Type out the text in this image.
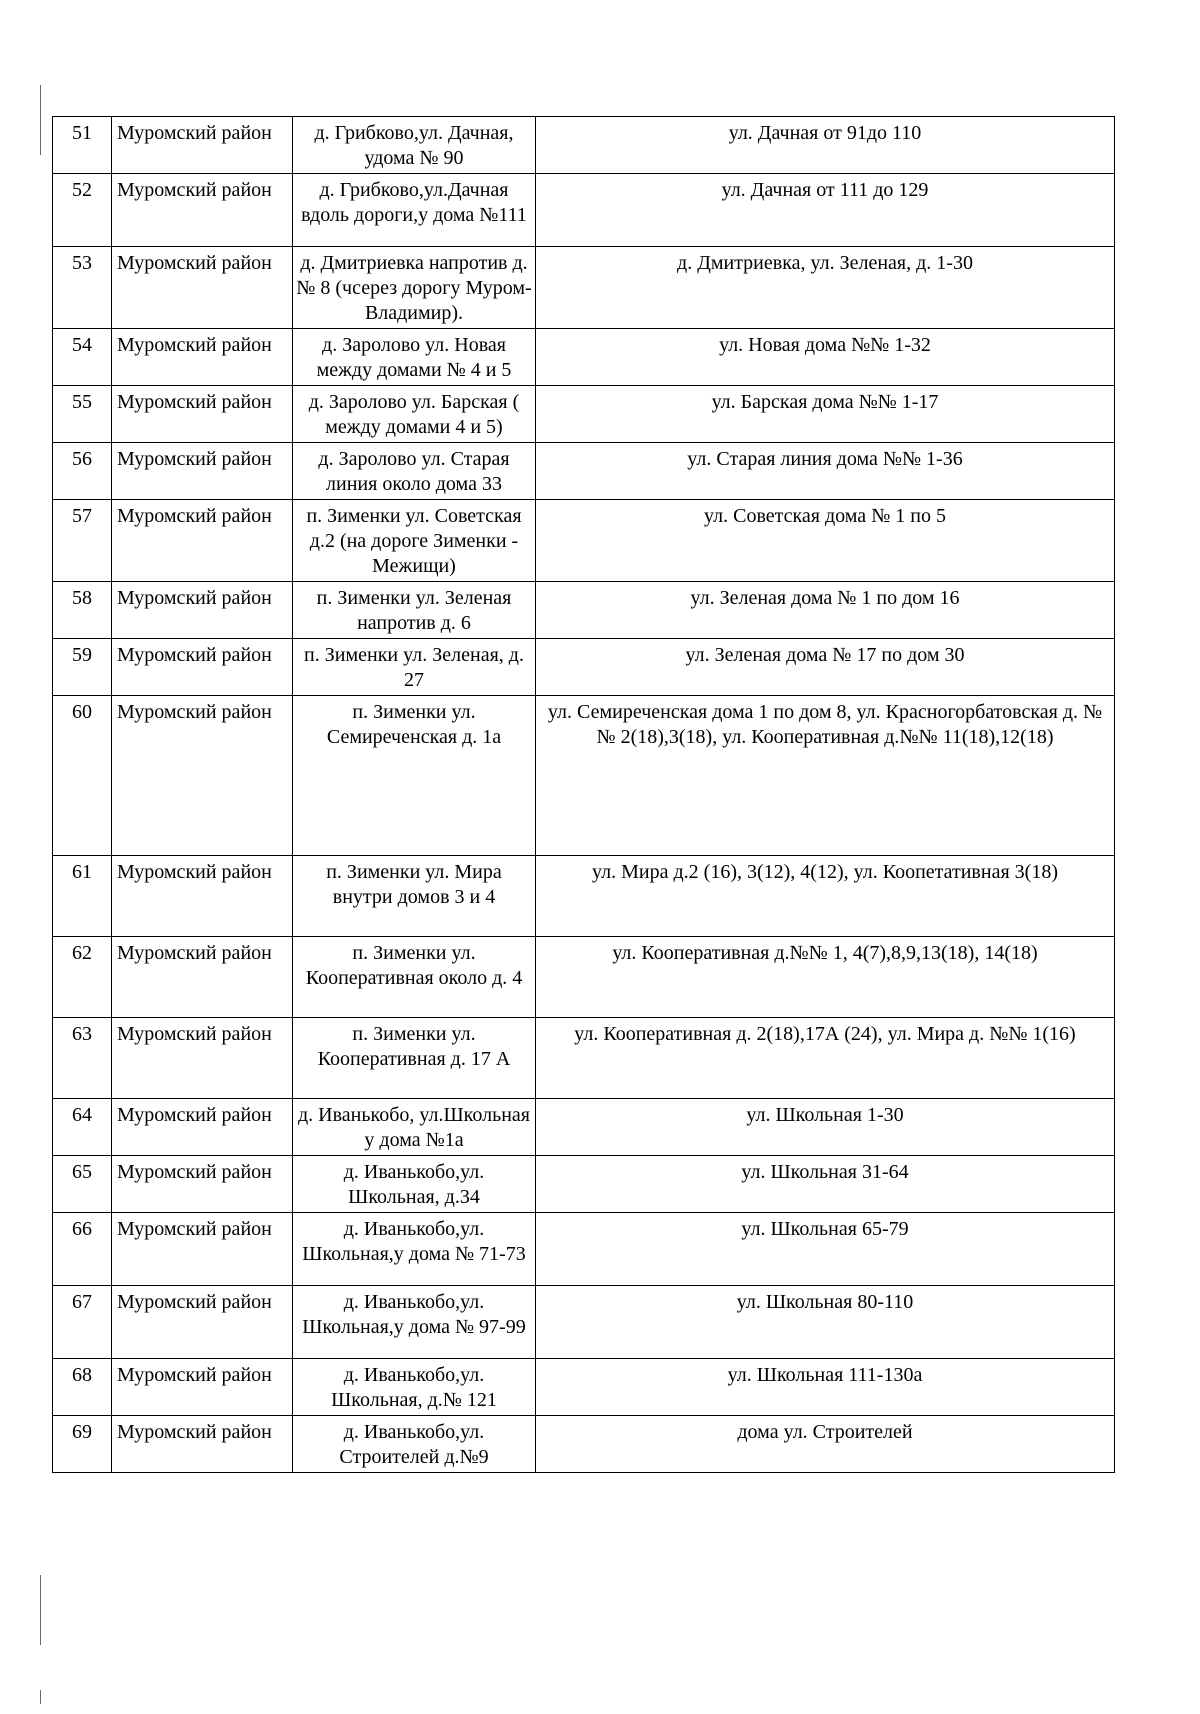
51	Муромский район	д. Грибково,ул. Дачная, удома № 90	ул. Дачная от 91до 110
52	Муромский район	д. Грибково,ул.Дачная вдоль дороги,у дома №111	ул. Дачная от 111 до 129
53	Муромский район	д. Дмитриевка напротив д. № 8 (чсерез дорогу Муром-Владимир).	д. Дмитриевка, ул. Зеленая, д. 1-30
54	Муромский район	д. Заролово ул. Новая между домами № 4 и 5	ул. Новая дома №№ 1-32
55	Муромский район	д. Заролово ул. Барская ( между домами 4 и 5)	ул. Барская дома №№ 1-17
56	Муромский район	д. Заролово ул. Старая линия около дома 33	ул. Старая линия дома №№ 1-36
57	Муромский район	п. Зименки ул. Советская д.2 (на дороге Зименки - Межищи)	ул. Советская дома № 1 по 5
58	Муромский район	п. Зименки ул. Зеленая напротив д. 6	ул. Зеленая дома № 1 по дом 16
59	Муромский район	п. Зименки ул. Зеленая, д. 27	ул. Зеленая дома № 17 по дом 30
60	Муромский район	п. Зименки ул. Семиреченская д. 1а	ул. Семиреченская дома 1 по дом 8, ул. Красногорбатовская д. №№ 2(18),3(18), ул. Кооперативная д.№№ 11(18),12(18)
61	Муромский район	п. Зименки ул. Мира внутри домов 3 и 4	ул. Мира д.2 (16), 3(12), 4(12), ул. Коопетативная 3(18)
62	Муромский район	п. Зименки ул. Кооперативная около д. 4	ул. Кооперативная д.№№ 1, 4(7),8,9,13(18), 14(18)
63	Муромский район	п. Зименки ул. Кооперативная д. 17 А	ул. Кооперативная д. 2(18),17А (24), ул. Мира д. №№ 1(16)
64	Муромский район	д. Иванькобо, ул.Школьная у дома №1а	ул. Школьная 1-30
65	Муромский район	д. Иванькобо,ул. Школьная, д.34	ул. Школьная 31-64
66	Муромский район	д. Иванькобо,ул. Школьная,у дома № 71-73	ул. Школьная 65-79
67	Муромский район	д. Иванькобо,ул. Школьная,у дома № 97-99	ул. Школьная 80-110
68	Муромский район	д. Иванькобо,ул. Школьная, д.№ 121	ул. Школьная 111-130а
69	Муромский район	д. Иванькобо,ул. Строителей д.№9	дома ул. Строителей
